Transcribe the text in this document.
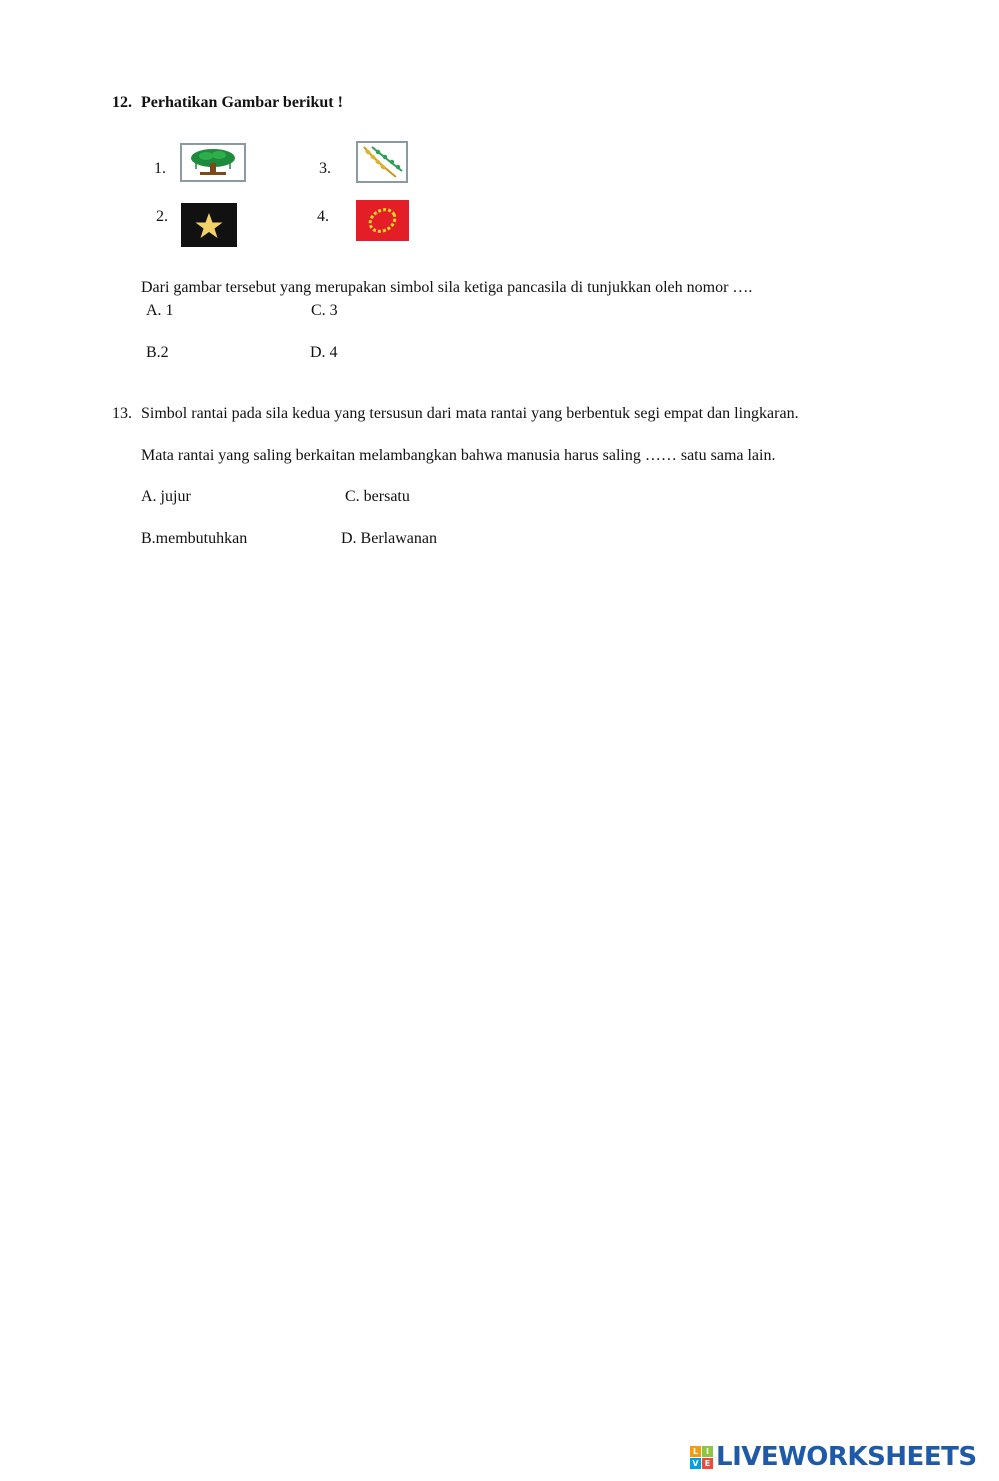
12. Perhatikan Gambar berikut !
1.	3.
2.	4.
Dari gambar tersebut yang merupakan simbol sila ketiga pancasila di tunjukkan oleh nomor ….
A. 1	C. 3
B.2	D. 4
13. Simbol rantai pada sila kedua yang tersusun dari mata rantai yang berbentuk segi empat dan lingkaran.
Mata rantai yang saling berkaitan melambangkan bahwa manusia harus saling …… satu sama lain.
A. jujur	C. bersatu
B.membutuhkan	D. Berlawanan
L I
V E LIVEWORKSHEETS
